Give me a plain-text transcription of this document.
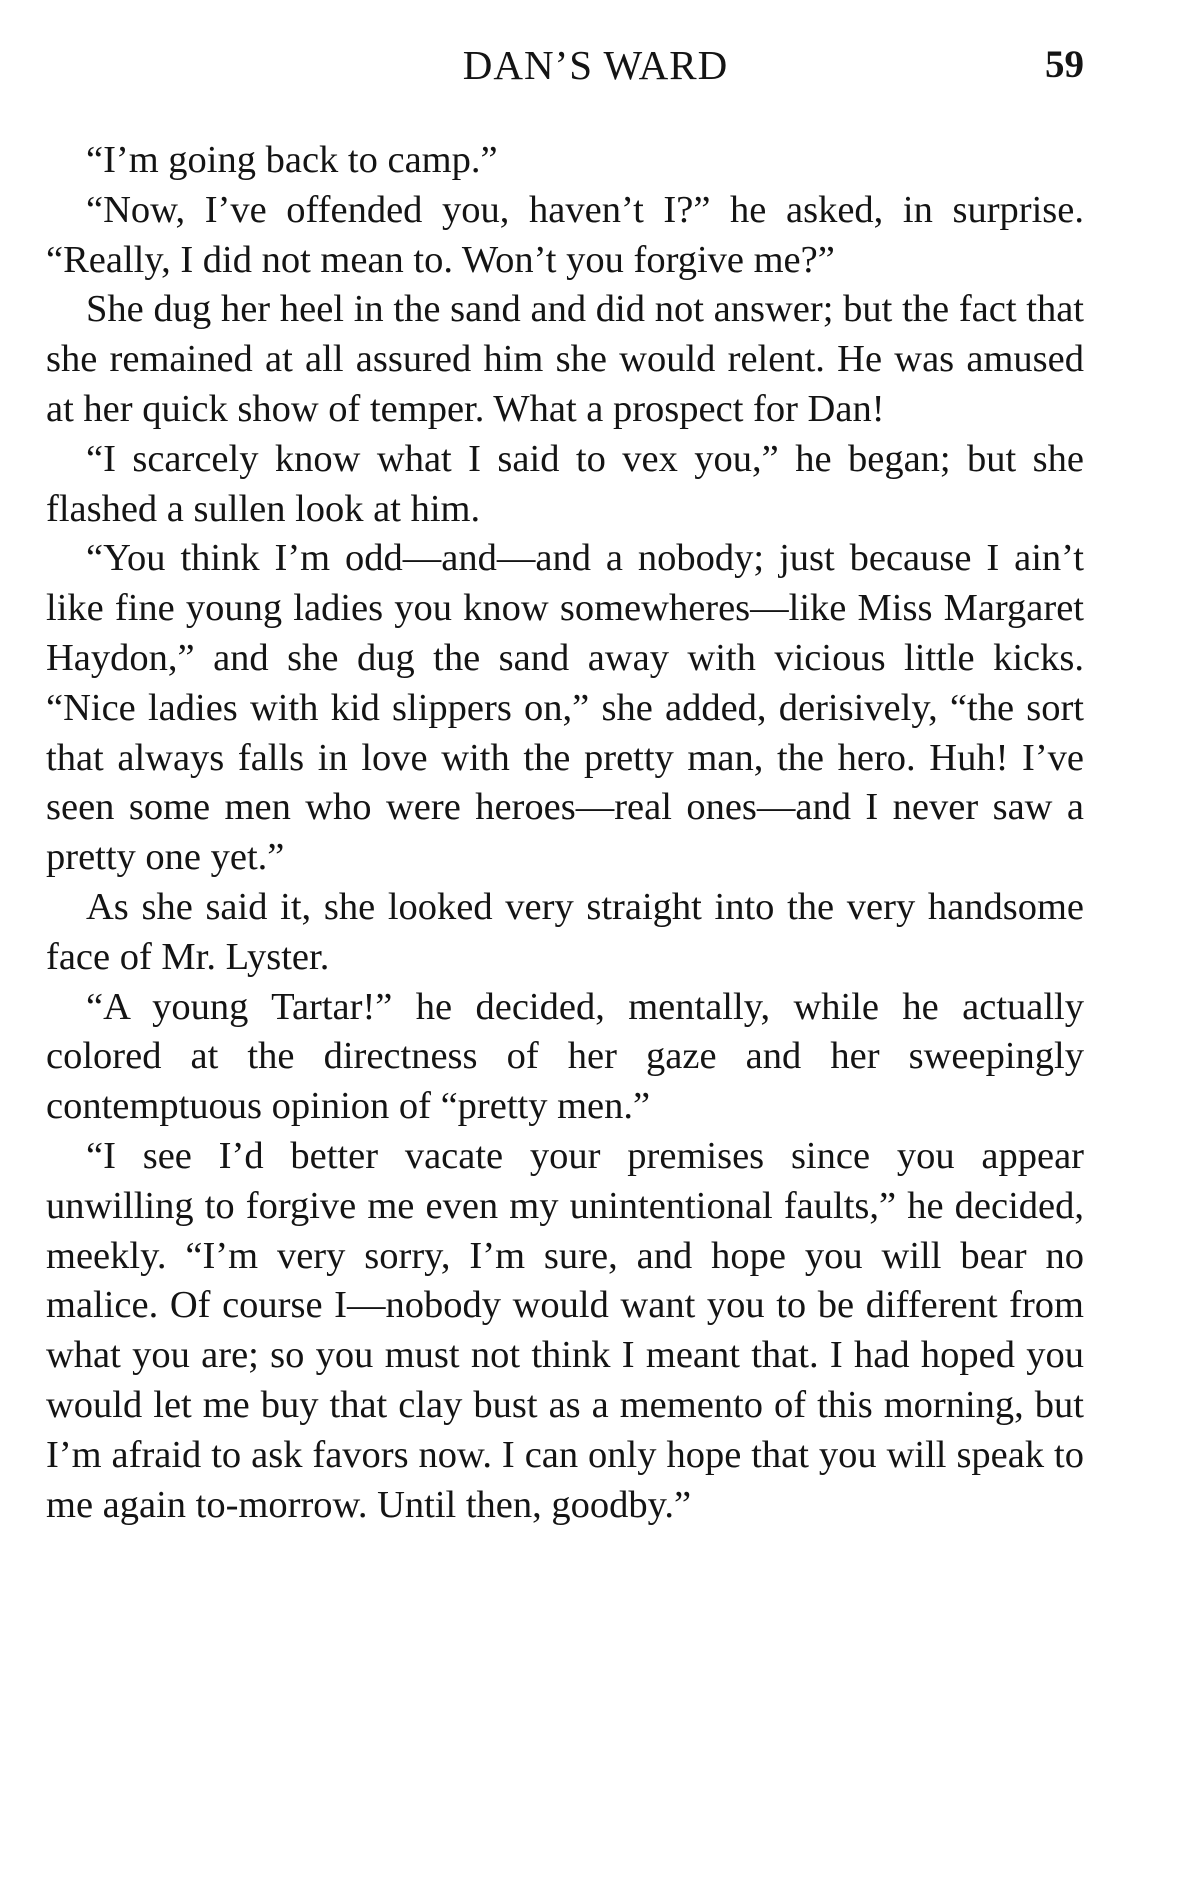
DAN’S WARD	59

“I’m going back to camp.”

“Now, I’ve offended you, haven’t I?” he asked, in surprise. “Really, I did not mean to. Won’t you forgive me?”

She dug her heel in the sand and did not answer; but the fact that she remained at all assured him she would relent. He was amused at her quick show of temper. What a prospect for Dan!

“I scarcely know what I said to vex you,” he began; but she flashed a sullen look at him.

“You think I’m odd—and—and a nobody; just because I ain’t like fine young ladies you know somewheres—like Miss Margaret Haydon,” and she dug the sand away with vicious little kicks. “Nice ladies with kid slippers on,” she added, derisively, “the sort that always falls in love with the pretty man, the hero. Huh! I’ve seen some men who were heroes—real ones—and I never saw a pretty one yet.”

As she said it, she looked very straight into the very handsome face of Mr. Lyster.

“A young Tartar!” he decided, mentally, while he actually colored at the directness of her gaze and her sweepingly contemptuous opinion of “pretty men.”

“I see I’d better vacate your premises since you appear unwilling to forgive me even my unintentional faults,” he decided, meekly. “I’m very sorry, I’m sure, and hope you will bear no malice. Of course I—nobody would want you to be different from what you are; so you must not think I meant that. I had hoped you would let me buy that clay bust as a memento of this morning, but I’m afraid to ask favors now. I can only hope that you will speak to me again to-morrow. Until then, goodby.”
